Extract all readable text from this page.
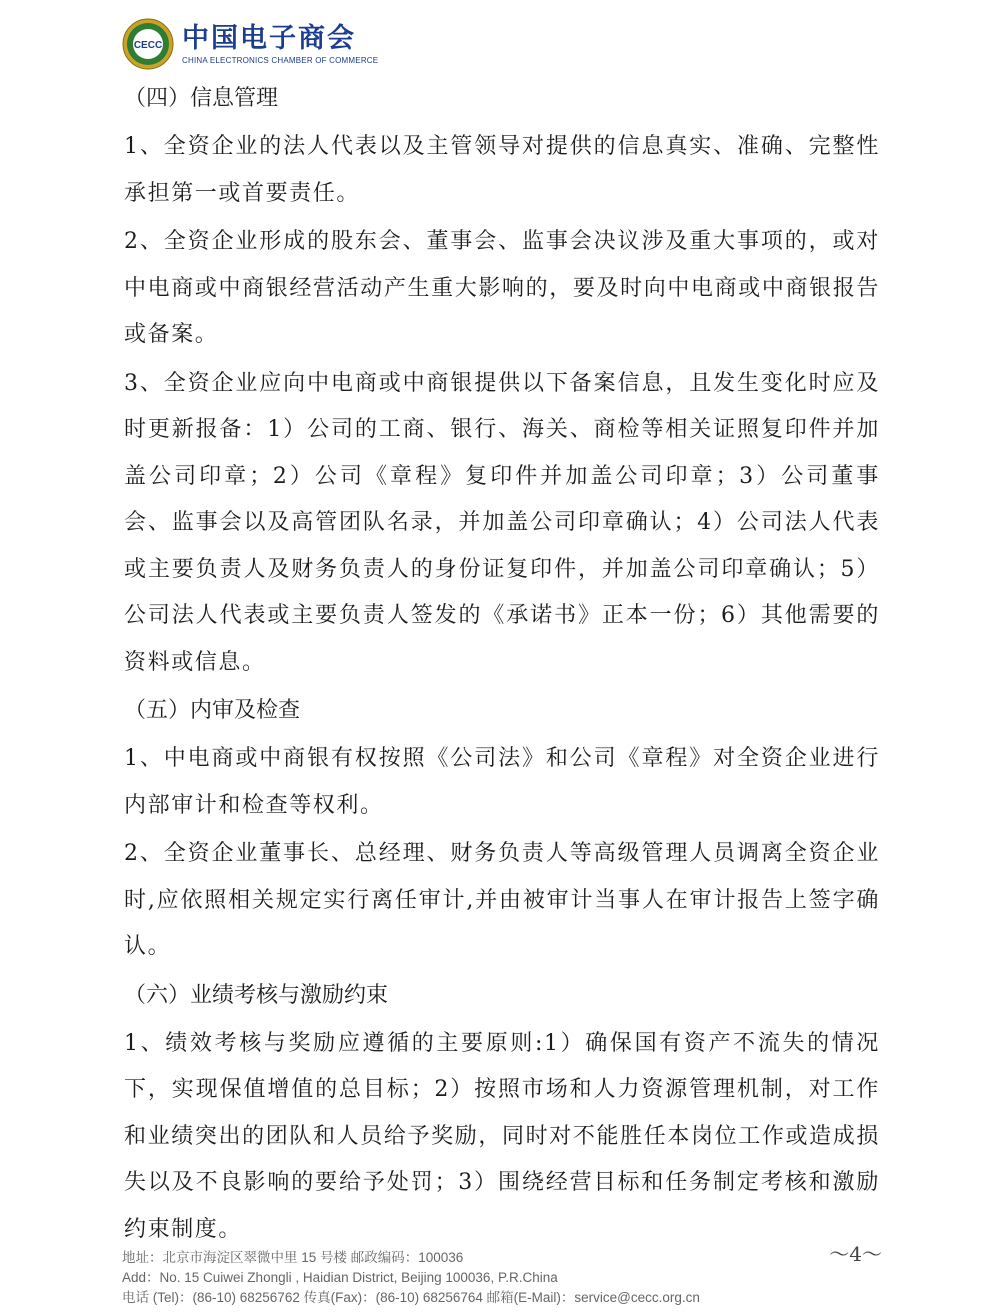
CECC 中国电子商会
CHINA ELECTRONICS CHAMBER OF COMMERCE
（四）信息管理
1、全资企业的法人代表以及主管领导对提供的信息真实、准确、完整性承担第一或首要责任。
2、全资企业形成的股东会、董事会、监事会决议涉及重大事项的，或对中电商或中商银经营活动产生重大影响的，要及时向中电商或中商银报告或备案。
3、全资企业应向中电商或中商银提供以下备案信息，且发生变化时应及时更新报备：1）公司的工商、银行、海关、商检等相关证照复印件并加盖公司印章；2）公司《章程》复印件并加盖公司印章；3）公司董事会、监事会以及高管团队名录，并加盖公司印章确认；4）公司法人代表或主要负责人及财务负责人的身份证复印件，并加盖公司印章确认；5）公司法人代表或主要负责人签发的《承诺书》正本一份；6）其他需要的资料或信息。
（五）内审及检查
1、中电商或中商银有权按照《公司法》和公司《章程》对全资企业进行内部审计和检查等权利。
2、全资企业董事长、总经理、财务负责人等高级管理人员调离全资企业时,应依照相关规定实行离任审计,并由被审计当事人在审计报告上签字确认。
（六）业绩考核与激励约束
1、绩效考核与奖励应遵循的主要原则:1）确保国有资产不流失的情况下，实现保值增值的总目标；2）按照市场和人力资源管理机制，对工作和业绩突出的团队和人员给予奖励，同时对不能胜任本岗位工作或造成损失以及不良影响的要给予处罚；3）围绕经营目标和任务制定考核和激励约束制度。
地址：北京市海淀区翠微中里 15 号楼 邮政编码：100036
Add：No. 15 Cuiwei Zhongli , Haidian District, Beijing 100036, P.R.China
电话 (Tel)：(86-10) 68256762 传真(Fax)：(86-10) 68256764 邮箱(E-Mail)：service@cecc.org.cn
～4～
